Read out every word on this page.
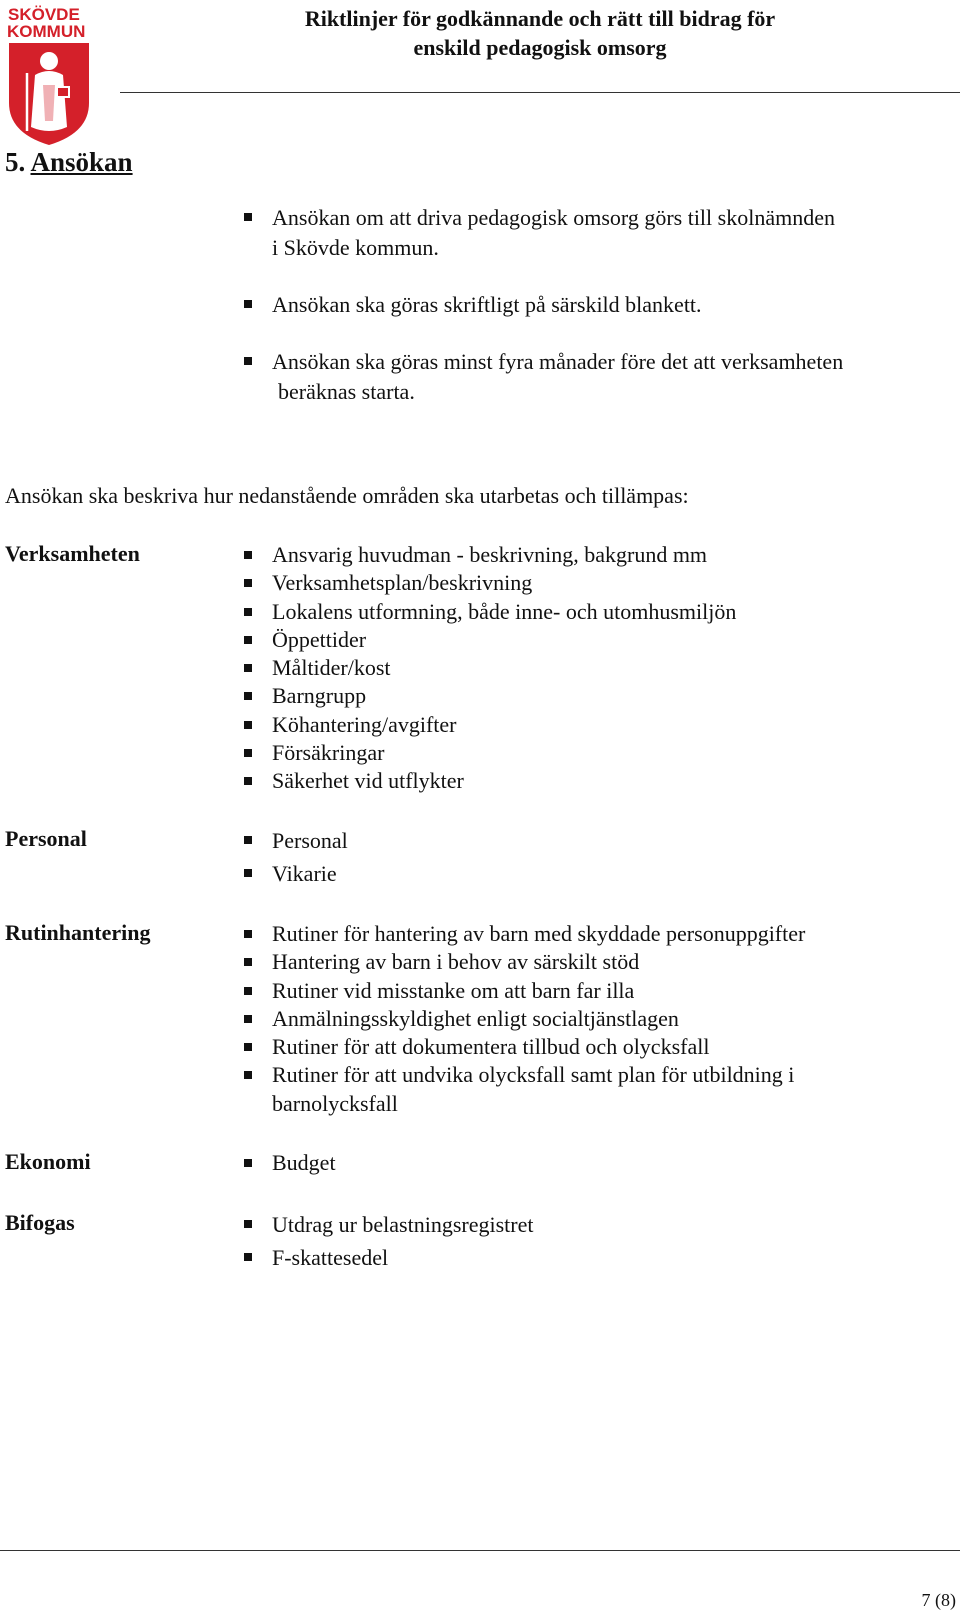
SKÖVDE
KOMMUN
Riktlinjer för godkännande och rätt till bidrag för
enskild pedagogisk omsorg
5. Ansökan
Ansökan om att driva pedagogisk omsorg görs till skolnämnden
i Skövde kommun.
Ansökan ska göras skriftligt på särskild blankett.
Ansökan ska göras minst fyra månader före det att verksamheten
beräknas starta.
Ansökan ska beskriva hur nedanstående områden ska utarbetas och tillämpas:
Verksamheten	Ansvarig huvudman - beskrivning, bakgrund mm
Verksamhetsplan/beskrivning
Lokalens utformning, både inne- och utomhusmiljön
Öppettider
Måltider/kost
Barngrupp
Köhantering/avgifter
Försäkringar
Säkerhet vid utflykter
Personal	Personal
Vikarie
Rutinhantering	Rutiner för hantering av barn med skyddade personuppgifter
Hantering av barn i behov av särskilt stöd
Rutiner vid misstanke om att barn far illa
Anmälningsskyldighet enligt socialtjänstlagen
Rutiner för att dokumentera tillbud och olycksfall
Rutiner för att undvika olycksfall samt plan för utbildning i
barnolycksfall
Ekonomi	Budget
Bifogas	Utdrag ur belastningsregistret
F-skattesedel
7 (8)
